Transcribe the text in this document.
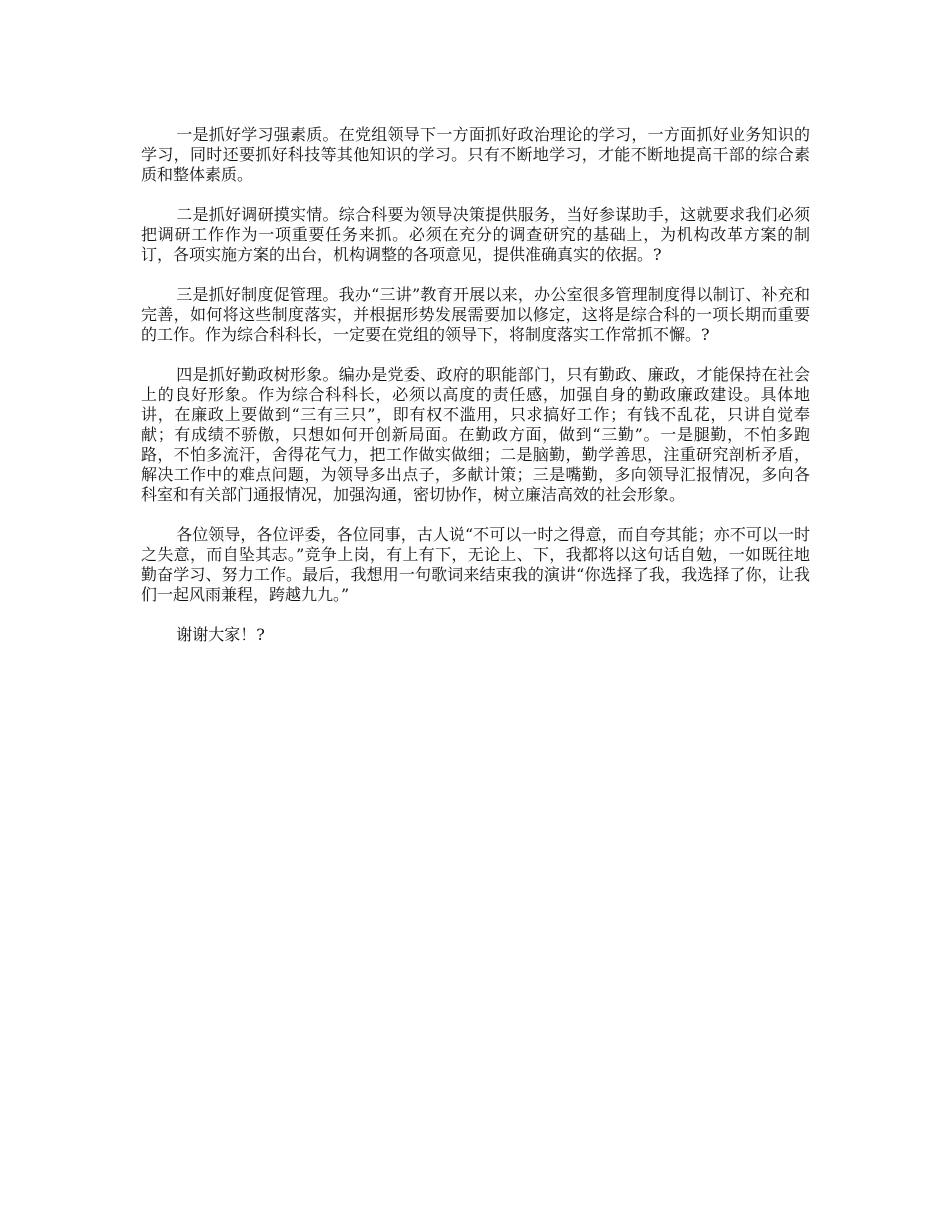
一是抓好学习强素质。在党组领导下一方面抓好政治理论的学习，一方面抓好业务知识的学习，同时还要抓好科技等其他知识的学习。只有不断地学习，才能不断地提高干部的综合素质和整体素质。

二是抓好调研摸实情。综合科要为领导决策提供服务，当好参谋助手，这就要求我们必须把调研工作作为一项重要任务来抓。必须在充分的调查研究的基础上，为机构改革方案的制订，各项实施方案的出台，机构调整的各项意见，提供准确真实的依据。?

三是抓好制度促管理。我办“三讲”教育开展以来，办公室很多管理制度得以制订、补充和完善，如何将这些制度落实，并根据形势发展需要加以修定，这将是综合科的一项长期而重要的工作。作为综合科科长，一定要在党组的领导下，将制度落实工作常抓不懈。?

四是抓好勤政树形象。编办是党委、政府的职能部门，只有勤政、廉政，才能保持在社会上的良好形象。作为综合科科长，必须以高度的责任感，加强自身的勤政廉政建设。具体地讲，在廉政上要做到“三有三只”，即有权不滥用，只求搞好工作；有钱不乱花，只讲自觉奉献；有成绩不骄傲，只想如何开创新局面。在勤政方面，做到“三勤”。一是腿勤，不怕多跑路，不怕多流汗，舍得花气力，把工作做实做细；二是脑勤，勤学善思，注重研究剖析矛盾，解决工作中的难点问题，为领导多出点子，多献计策；三是嘴勤，多向领导汇报情况，多向各科室和有关部门通报情况，加强沟通，密切协作，树立廉洁高效的社会形象。

各位领导，各位评委，各位同事，古人说“不可以一时之得意，而自夸其能；亦不可以一时之失意，而自坠其志。”竞争上岗，有上有下，无论上、下，我都将以这句话自勉，一如既往地勤奋学习、努力工作。最后，我想用一句歌词来结束我的演讲“你选择了我，我选择了你，让我们一起风雨兼程，跨越九九。”

谢谢大家！?
